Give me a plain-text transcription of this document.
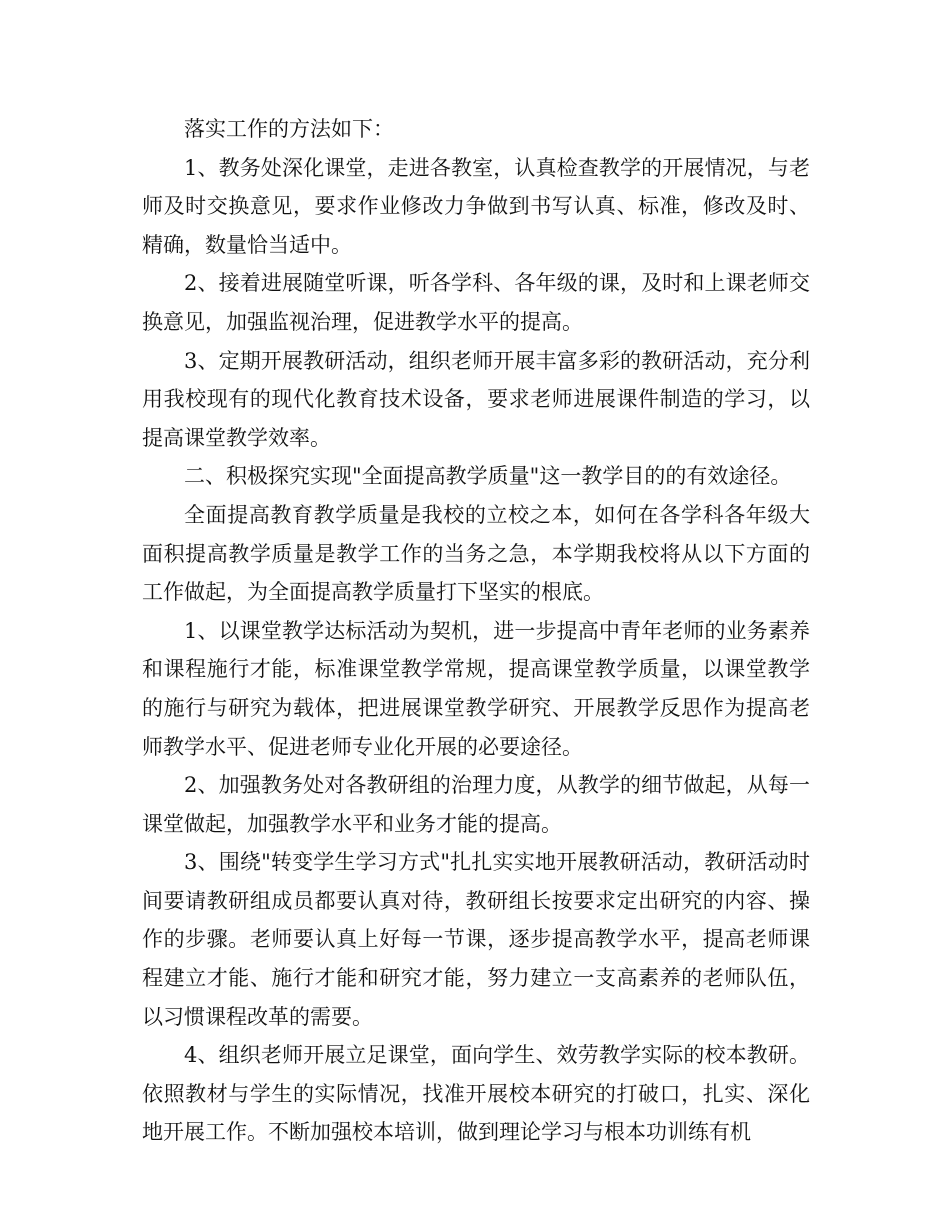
落实工作的方法如下：

1、教务处深化课堂，走进各教室，认真检查教学的开展情况，与老师及时交换意见，要求作业修改力争做到书写认真、标准，修改及时、精确，数量恰当适中。

2、接着进展随堂听课，听各学科、各年级的课，及时和上课老师交换意见，加强监视治理，促进教学水平的提高。

3、定期开展教研活动，组织老师开展丰富多彩的教研活动，充分利用我校现有的现代化教育技术设备，要求老师进展课件制造的学习，以提高课堂教学效率。

二、积极探究实现"全面提高教学质量"这一教学目的的有效途径。

全面提高教育教学质量是我校的立校之本，如何在各学科各年级大面积提高教学质量是教学工作的当务之急，本学期我校将从以下方面的工作做起，为全面提高教学质量打下坚实的根底。

1、以课堂教学达标活动为契机，进一步提高中青年老师的业务素养和课程施行才能，标准课堂教学常规，提高课堂教学质量，以课堂教学的施行与研究为载体，把进展课堂教学研究、开展教学反思作为提高老师教学水平、促进老师专业化开展的必要途径。

2、加强教务处对各教研组的治理力度，从教学的细节做起，从每一课堂做起，加强教学水平和业务才能的提高。

3、围绕"转变学生学习方式"扎扎实实地开展教研活动，教研活动时间要请教研组成员都要认真对待，教研组长按要求定出研究的内容、操作的步骤。老师要认真上好每一节课，逐步提高教学水平，提高老师课程建立才能、施行才能和研究才能，努力建立一支高素养的老师队伍，以习惯课程改革的需要。

4、组织老师开展立足课堂，面向学生、效劳教学实际的校本教研。依照教材与学生的实际情况，找准开展校本研究的打破口，扎实、深化地开展工作。不断加强校本培训，做到理论学习与根本功训练有机
